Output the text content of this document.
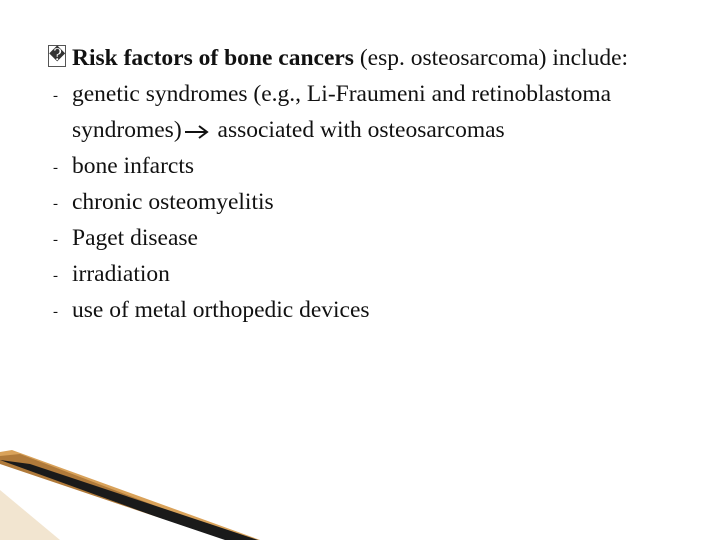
� Risk factors of bone cancers (esp. osteosarcoma) include:
- genetic syndromes (e.g., Li-Fraumeni and retinoblastoma syndromes) associated with osteosarcomas
- bone infarcts
- chronic osteomyelitis
- Paget disease
- irradiation
- use of metal orthopedic devices
